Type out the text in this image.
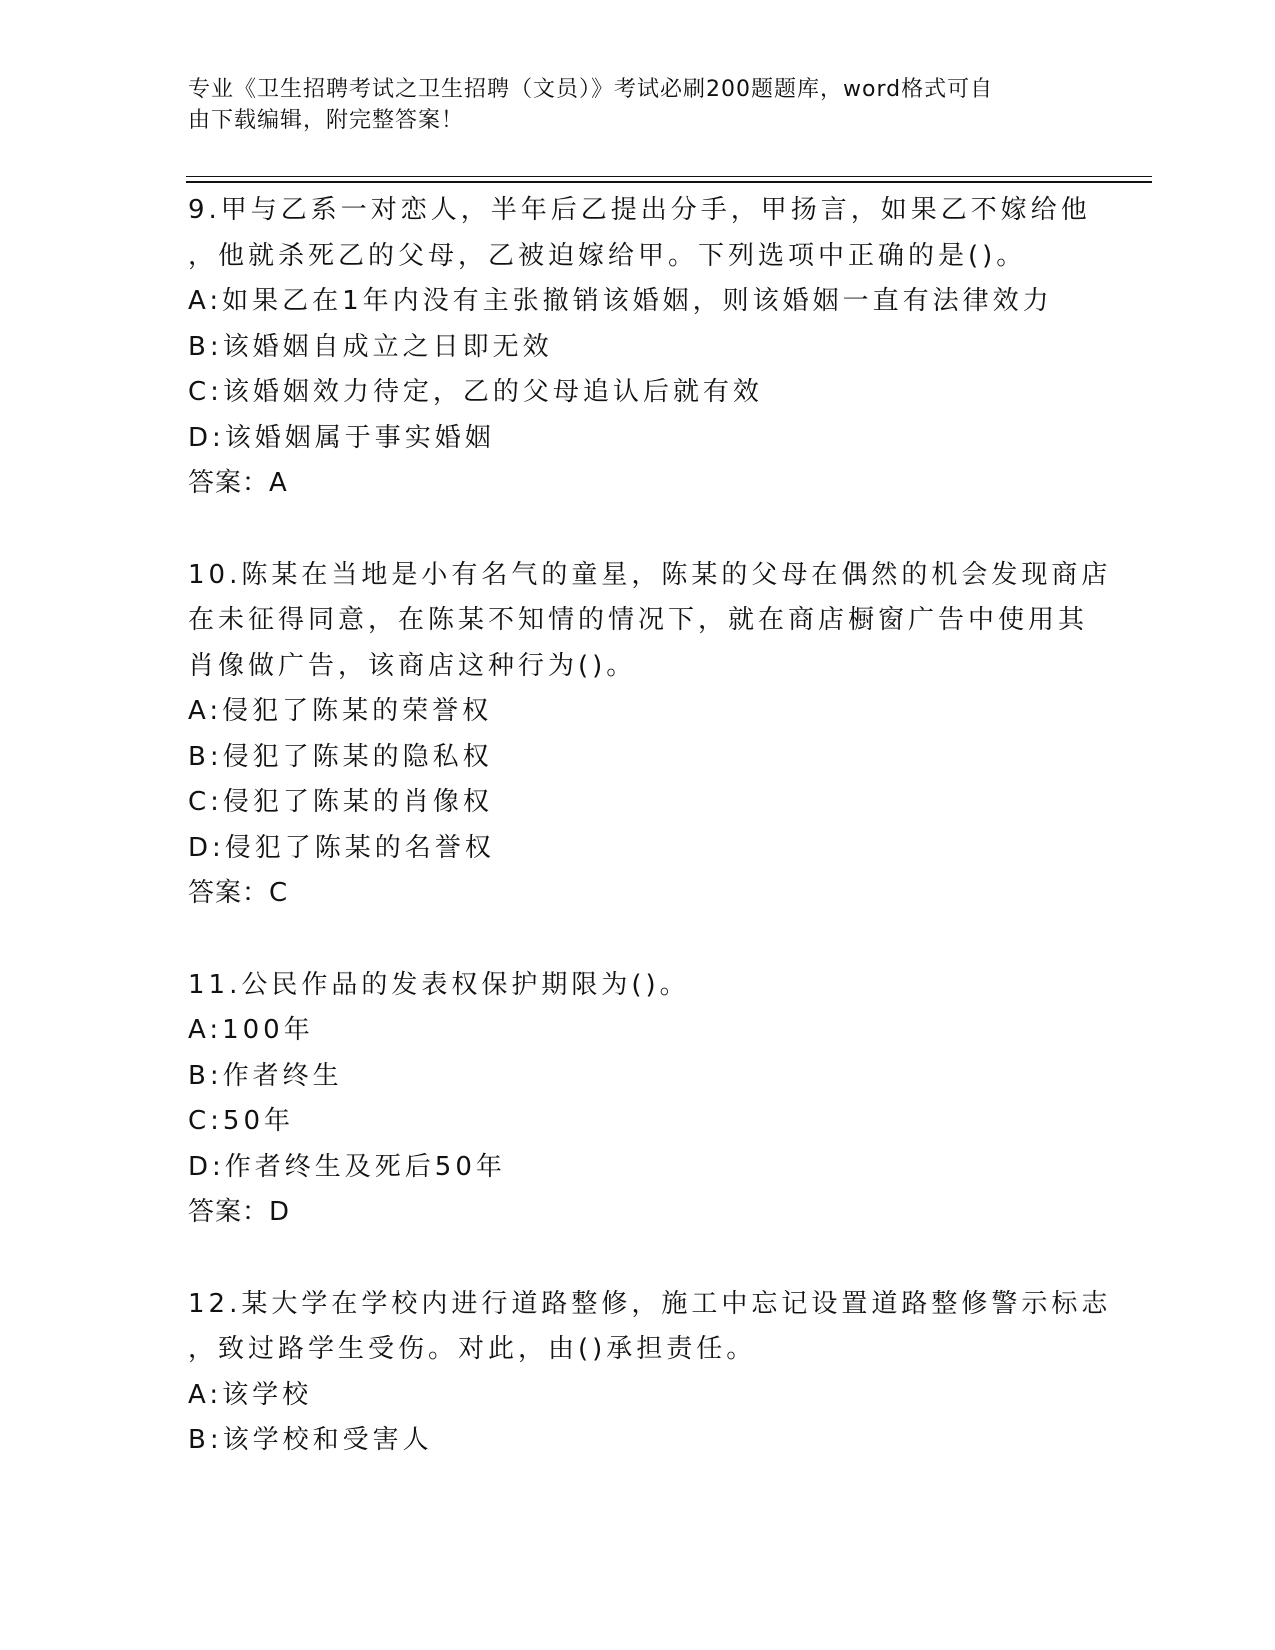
专业《卫生招聘考试之卫生招聘（文员）》考试必刷200题题库，word格式可自
由下载编辑，附完整答案！
9.甲与乙系一对恋人，半年后乙提出分手，甲扬言，如果乙不嫁给他
，他就杀死乙的父母，乙被迫嫁给甲。下列选项中正确的是()。
A:如果乙在1年内没有主张撤销该婚姻，则该婚姻一直有法律效力
B:该婚姻自成立之日即无效
C:该婚姻效力待定，乙的父母追认后就有效
D:该婚姻属于事实婚姻
答案：A
10.陈某在当地是小有名气的童星，陈某的父母在偶然的机会发现商店
在未征得同意，在陈某不知情的情况下，就在商店橱窗广告中使用其
肖像做广告，该商店这种行为()。
A:侵犯了陈某的荣誉权
B:侵犯了陈某的隐私权
C:侵犯了陈某的肖像权
D:侵犯了陈某的名誉权
答案：C
11.公民作品的发表权保护期限为()。
A:100年
B:作者终生
C:50年
D:作者终生及死后50年
答案：D
12.某大学在学校内进行道路整修，施工中忘记设置道路整修警示标志
，致过路学生受伤。对此，由()承担责任。
A:该学校
B:该学校和受害人
